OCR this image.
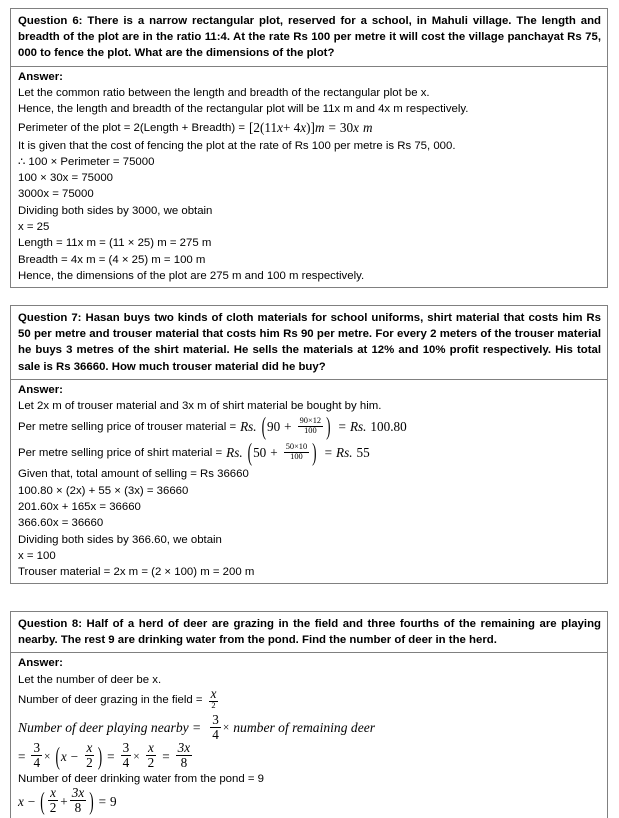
Question 6: There is a narrow rectangular plot, reserved for a school, in Mahuli village. The length and breadth of the plot are in the ratio 11:4. At the rate Rs 100 per metre it will cost the village panchayat Rs 75, 000 to fence the plot. What are the dimensions of the plot?
Answer:
Let the common ratio between the length and breadth of the rectangular plot be x.
Hence, the length and breadth of the rectangular plot will be 11x m and 4x m respectively.
Perimeter of the plot = 2(Length + Breadth) = [2(11 x + 4 x )] m = 30 x m
It is given that the cost of fencing the plot at the rate of Rs 100 per metre is Rs 75, 000.
∴ 100 × Perimeter = 75000
100 × 30x = 75000
3000x = 75000
Dividing both sides by 3000, we obtain
x = 25
Length = 11x m = (11 × 25) m = 275 m
Breadth = 4x m = (4 × 25) m = 100 m
Hence, the dimensions of the plot are 275 m and 100 m respectively.
Question 7: Hasan buys two kinds of cloth materials for school uniforms, shirt material that costs him Rs 50 per metre and trouser material that costs him Rs 90 per metre. For every 2 meters of the trouser material he buys 3 metres of the shirt material. He sells the materials at 12% and 10% profit respectively. His total sale is Rs 36660. How much trouser material did he buy?
Answer:
Let 2x m of trouser material and 3x m of shirt material be bought by him.
Per metre selling price of trouser material = Rs. ( $90 + \frac{90\times 12}{100}$ ) = Rs. 100.80
Per metre selling price of shirt material = Rs. ( $50 + \frac{50\times 10}{100}$ ) = Rs. 55
Given that, total amount of selling = Rs 36660
100.80 × (2x) + 55 × (3x) = 36660
201.60x + 165x = 36660
366.60x = 36660
Dividing both sides by 366.60, we obtain
x = 100
Trouser material = 2x m = (2 × 100) m = 200 m
Question 8: Half of a herd of deer are grazing in the field and three fourths of the remaining are playing nearby. The rest 9 are drinking water from the pond. Find the number of deer in the herd.
Answer:
Let the number of deer be x.
Number of deer grazing in the field = $\frac{x}{2}$
Number of deer playing nearby = $\frac{3}{4}$ × number of remaining deer
= $\frac{3}{4}$ × ( $x - \frac{x}{2}$ ) = $\frac{3}{4} \times \frac{x}{2} = \frac{3x}{8}$
Number of deer drinking water from the pond = 9
x − ( $\frac{x}{2} + \frac{3x}{8}$ ) = 9
